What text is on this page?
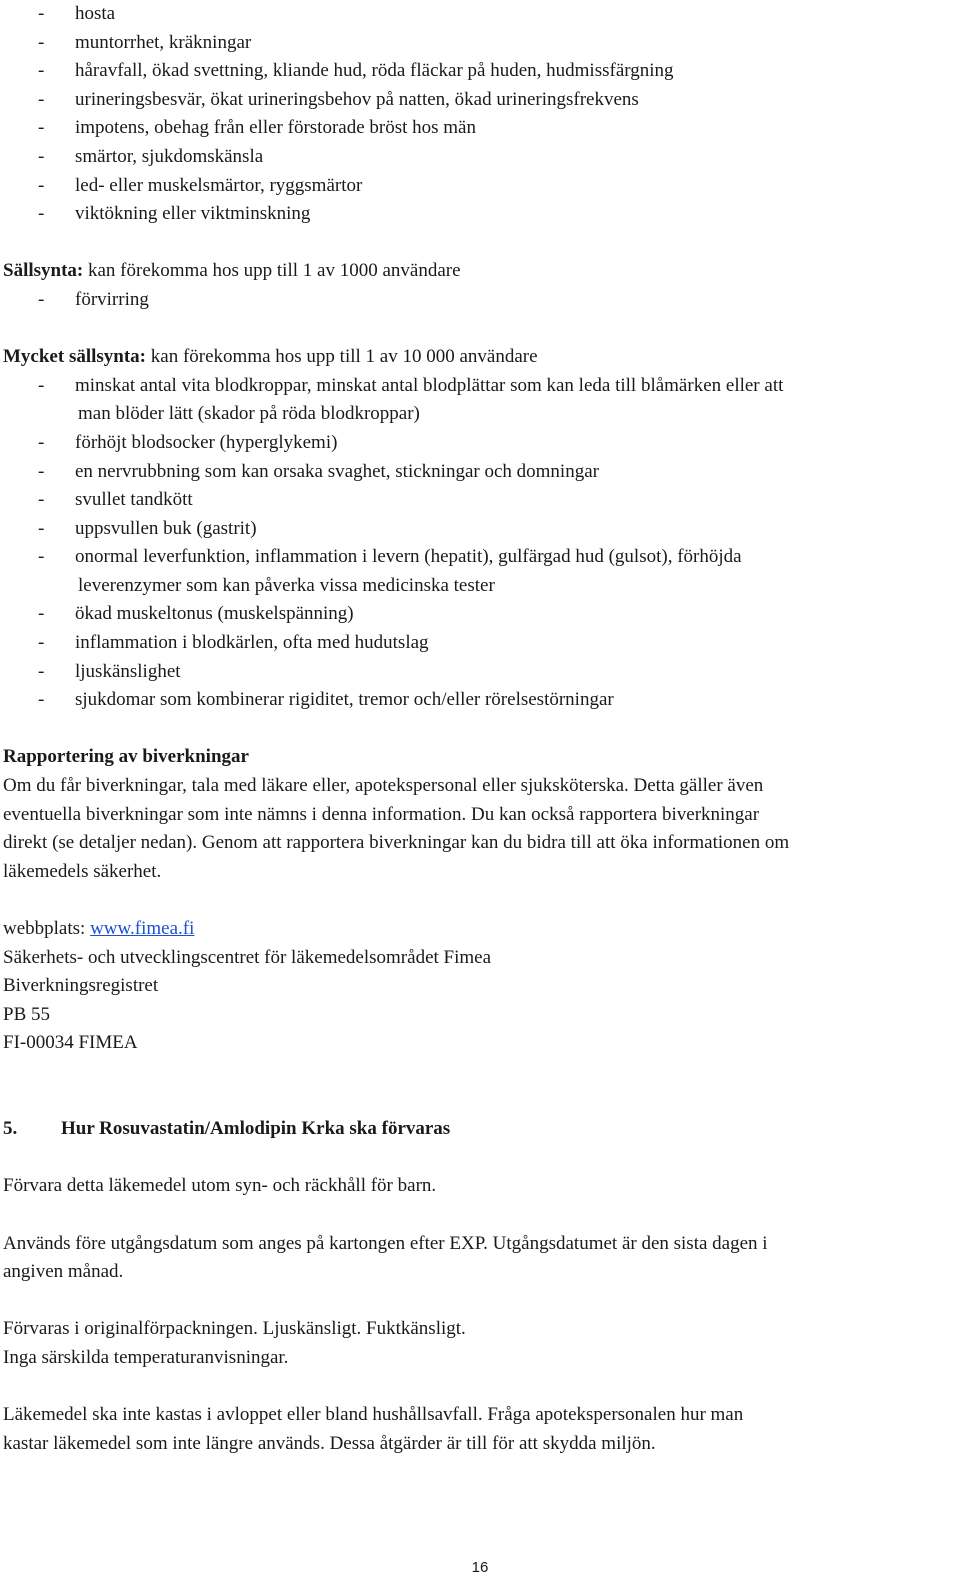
- hosta
- muntorrhet, kräkningar
- håravfall, ökad svettning, kliande hud, röda fläckar på huden, hudmissfärgning
- urineringsbesvär, ökat urineringsbehov på natten, ökad urineringsfrekvens
- impotens, obehag från eller förstorade bröst hos män
- smärtor, sjukdomskänsla
- led- eller muskelsmärtor, ryggsmärtor
- viktökning eller viktminskning
Sällsynta: kan förekomma hos upp till 1 av 1000 användare
- förvirring
Mycket sällsynta: kan förekomma hos upp till 1 av 10 000 användare
- minskat antal vita blodkroppar, minskat antal blodplättar som kan leda till blåmärken eller att
man blöder lätt (skador på röda blodkroppar)
- förhöjt blodsocker (hyperglykemi)
- en nervrubbning som kan orsaka svaghet, stickningar och domningar
- svullet tandkött
- uppsvullen buk (gastrit)
- onormal leverfunktion, inflammation i levern (hepatit), gulfärgad hud (gulsot), förhöjda
leverenzymer som kan påverka vissa medicinska tester
- ökad muskeltonus (muskelspänning)
- inflammation i blodkärlen, ofta med hudutslag
- ljuskänslighet
- sjukdomar som kombinerar rigiditet, tremor och/eller rörelsestörningar
Rapportering av biverkningar
Om du får biverkningar, tala med läkare eller, apotekspersonal eller sjuksköterska. Detta gäller även
eventuella biverkningar som inte nämns i denna information. Du kan också rapportera biverkningar
direkt (se detaljer nedan). Genom att rapportera biverkningar kan du bidra till att öka informationen om
läkemedels säkerhet.
webbplats: www.fimea.fi
Säkerhets- och utvecklingscentret för läkemedelsområdet Fimea
Biverkningsregistret
PB 55
FI-00034 FIMEA
5. Hur Rosuvastatin/Amlodipin Krka ska förvaras
Förvara detta läkemedel utom syn- och räckhåll för barn.
Används före utgångsdatum som anges på kartongen efter EXP. Utgångsdatumet är den sista dagen i
angiven månad.
Förvaras i originalförpackningen. Ljuskänsligt. Fuktkänsligt.
Inga särskilda temperaturanvisningar.
Läkemedel ska inte kastas i avloppet eller bland hushållsavfall. Fråga apotekspersonalen hur man
kastar läkemedel som inte längre används. Dessa åtgärder är till för att skydda miljön.
16
